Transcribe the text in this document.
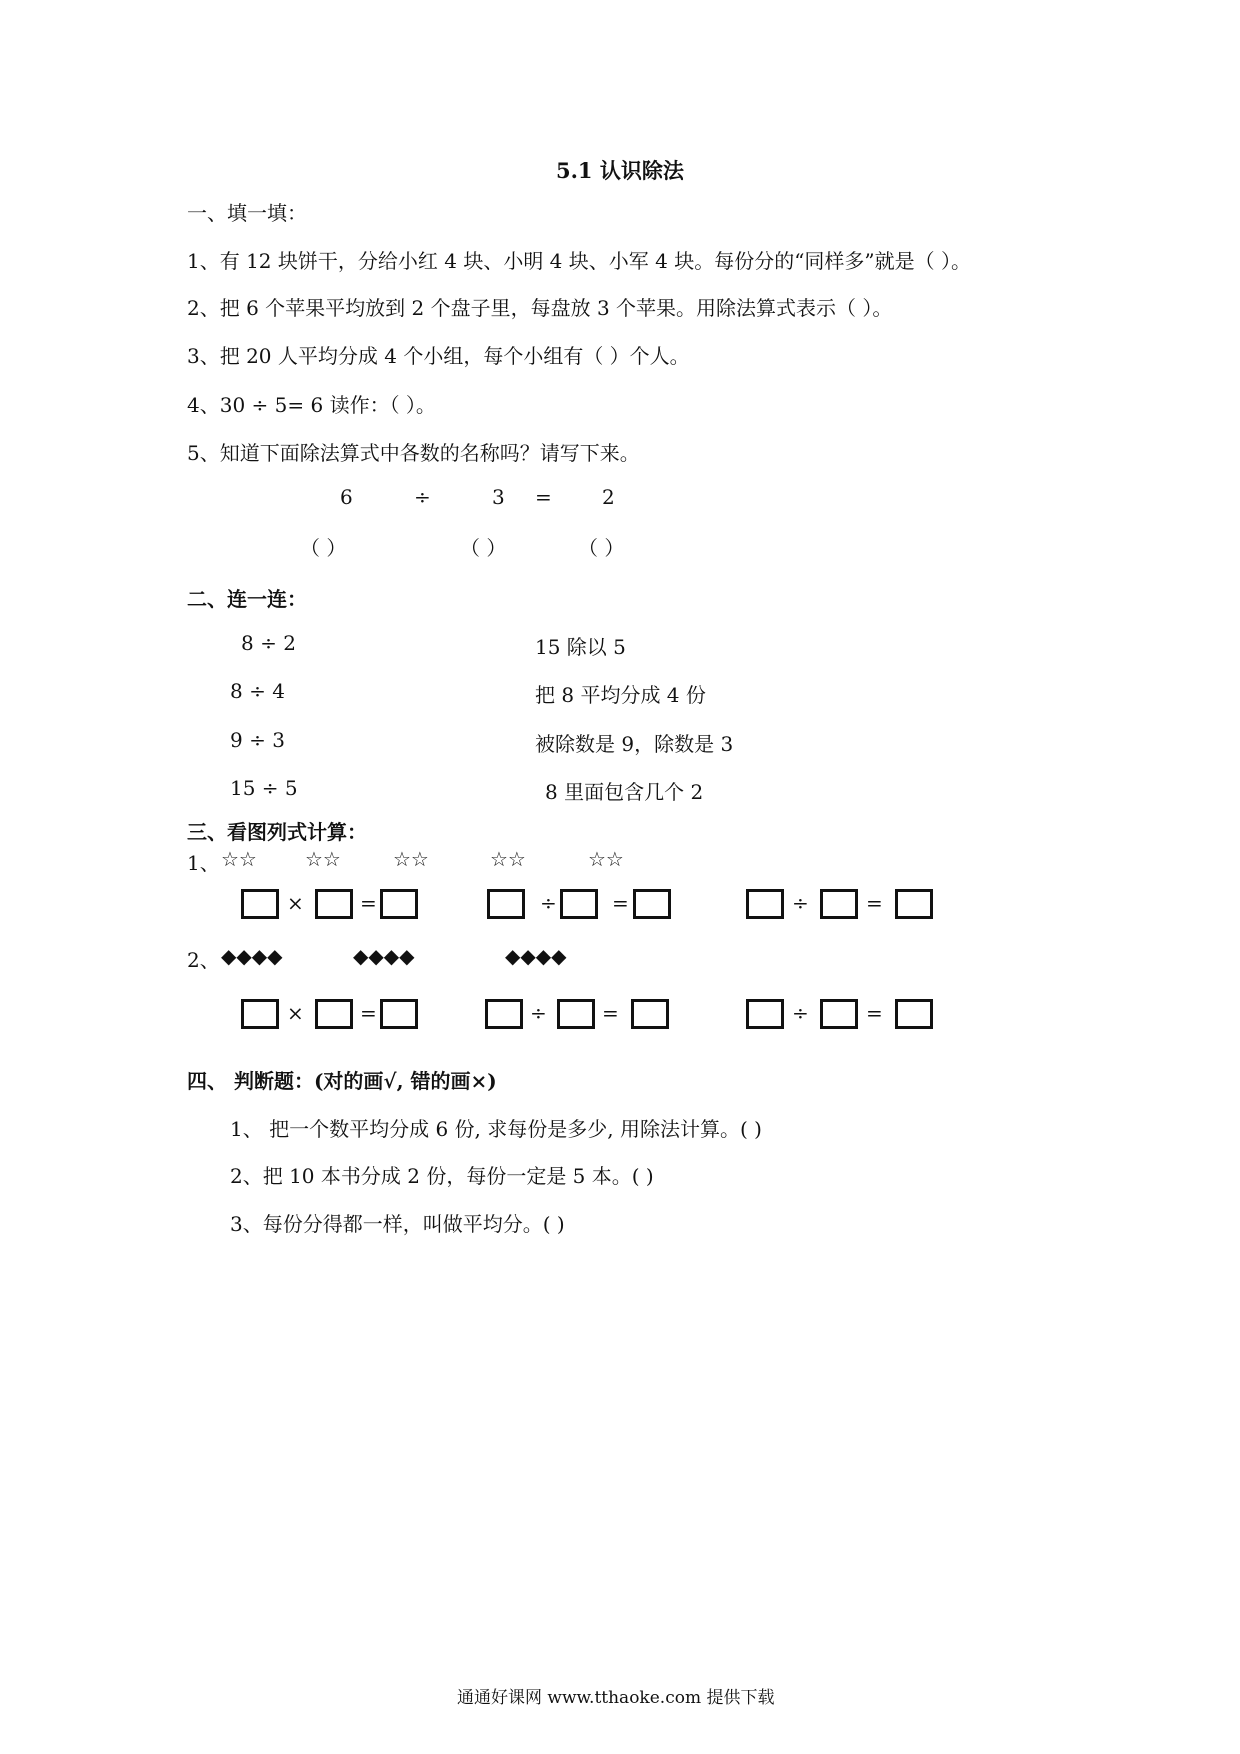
5.1 认识除法
一、填一填：
1、有 12 块饼干，分给小红 4 块、小明 4 块、小军 4 块。每份分的“同样多”就是（ ）。
2、把 6 个苹果平均放到 2 个盘子里，每盘放 3 个苹果。用除法算式表示（ ）。
3、把 20 人平均分成 4 个小组，每个小组有（ ）个人。
4、30 ÷ 5= 6 读作：（ ）。
5、知道下面除法算式中各数的名称吗？请写下来。
6	÷	3 =	2
（ ）	（ ）	（ ）
二、连一连：
8 ÷ 2
8 ÷ 4
9 ÷ 3
15 ÷ 5
15 除以 5
把 8 平均分成 4 份
被除数是 9，除数是 3
8 里面包含几个 2
三、看图列式计算：
1、 ☆☆ ☆☆	☆☆	☆☆	☆☆
×	=	÷	=	÷	=
2、 ◆◆◆◆	◆◆◆◆	◆◆◆◆
×	=	÷	=	÷	=
四、 判断题：(对的画√, 错的画×)
1、 把一个数平均分成 6 份, 求每份是多少, 用除法计算。( )
2、把 10 本书分成 2 份，每份一定是 5 本。( )
3、每份分得都一样，叫做平均分。( )
通通好课网 www.tthaoke.com 提供下载
